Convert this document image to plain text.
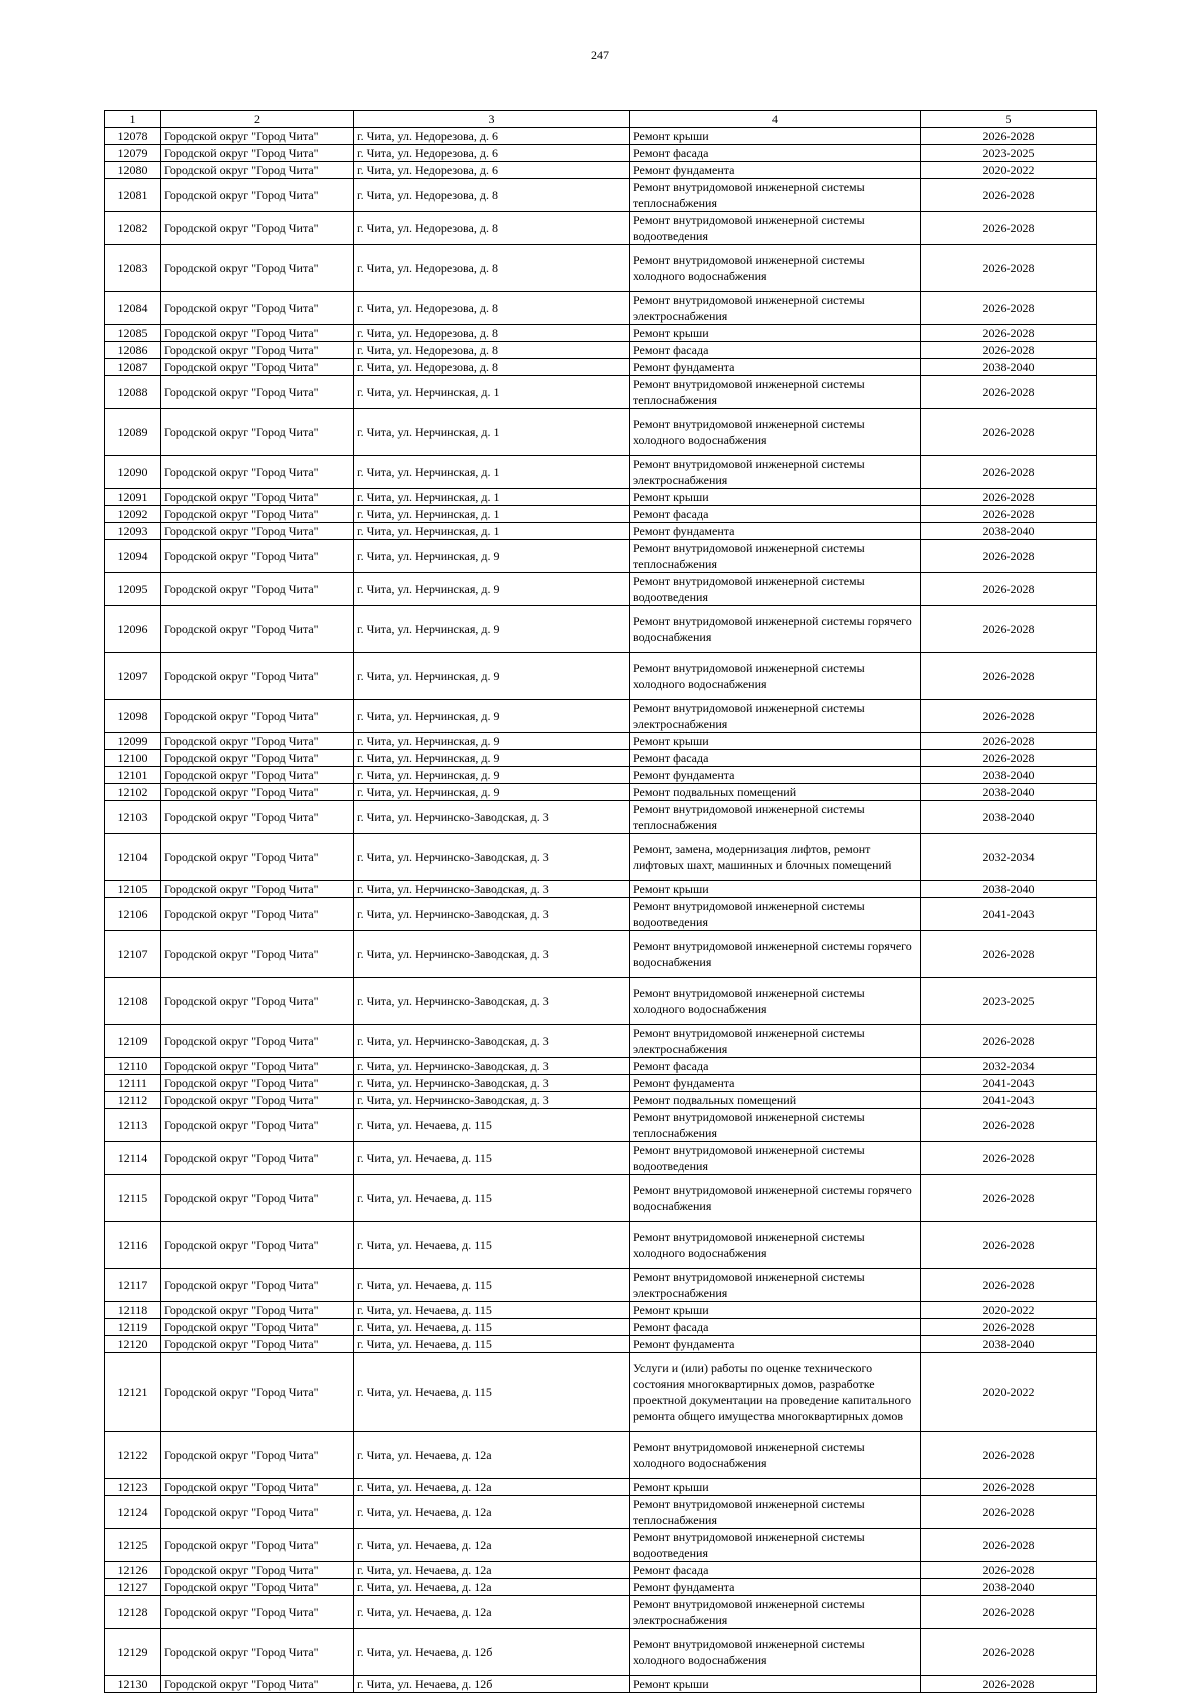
247
1	2	3	4	5
12078	Городской округ "Город Чита"	г. Чита, ул. Недорезова, д. 6	Ремонт крыши	2026-2028
12079	Городской округ "Город Чита"	г. Чита, ул. Недорезова, д. 6	Ремонт фасада	2023-2025
12080	Городской округ "Город Чита"	г. Чита, ул. Недорезова, д. 6	Ремонт фундамента	2020-2022
12081	Городской округ "Город Чита"	г. Чита, ул. Недорезова, д. 8	Ремонт внутридомовой инженерной системы теплоснабжения	2026-2028
12082	Городской округ "Город Чита"	г. Чита, ул. Недорезова, д. 8	Ремонт внутридомовой инженерной системы водоотведения	2026-2028
12083	Городской округ "Город Чита"	г. Чита, ул. Недорезова, д. 8	Ремонт внутридомовой инженерной системы холодного водоснабжения	2026-2028
12084	Городской округ "Город Чита"	г. Чита, ул. Недорезова, д. 8	Ремонт внутридомовой инженерной системы электроснабжения	2026-2028
12085	Городской округ "Город Чита"	г. Чита, ул. Недорезова, д. 8	Ремонт крыши	2026-2028
12086	Городской округ "Город Чита"	г. Чита, ул. Недорезова, д. 8	Ремонт фасада	2026-2028
12087	Городской округ "Город Чита"	г. Чита, ул. Недорезова, д. 8	Ремонт фундамента	2038-2040
12088	Городской округ "Город Чита"	г. Чита, ул. Нерчинская, д. 1	Ремонт внутридомовой инженерной системы теплоснабжения	2026-2028
12089	Городской округ "Город Чита"	г. Чита, ул. Нерчинская, д. 1	Ремонт внутридомовой инженерной системы холодного водоснабжения	2026-2028
12090	Городской округ "Город Чита"	г. Чита, ул. Нерчинская, д. 1	Ремонт внутридомовой инженерной системы электроснабжения	2026-2028
12091	Городской округ "Город Чита"	г. Чита, ул. Нерчинская, д. 1	Ремонт крыши	2026-2028
12092	Городской округ "Город Чита"	г. Чита, ул. Нерчинская, д. 1	Ремонт фасада	2026-2028
12093	Городской округ "Город Чита"	г. Чита, ул. Нерчинская, д. 1	Ремонт фундамента	2038-2040
12094	Городской округ "Город Чита"	г. Чита, ул. Нерчинская, д. 9	Ремонт внутридомовой инженерной системы теплоснабжения	2026-2028
12095	Городской округ "Город Чита"	г. Чита, ул. Нерчинская, д. 9	Ремонт внутридомовой инженерной системы водоотведения	2026-2028
12096	Городской округ "Город Чита"	г. Чита, ул. Нерчинская, д. 9	Ремонт внутридомовой инженерной системы горячего водоснабжения	2026-2028
12097	Городской округ "Город Чита"	г. Чита, ул. Нерчинская, д. 9	Ремонт внутридомовой инженерной системы холодного водоснабжения	2026-2028
12098	Городской округ "Город Чита"	г. Чита, ул. Нерчинская, д. 9	Ремонт внутридомовой инженерной системы электроснабжения	2026-2028
12099	Городской округ "Город Чита"	г. Чита, ул. Нерчинская, д. 9	Ремонт крыши	2026-2028
12100	Городской округ "Город Чита"	г. Чита, ул. Нерчинская, д. 9	Ремонт фасада	2026-2028
12101	Городской округ "Город Чита"	г. Чита, ул. Нерчинская, д. 9	Ремонт фундамента	2038-2040
12102	Городской округ "Город Чита"	г. Чита, ул. Нерчинская, д. 9	Ремонт подвальных помещений	2038-2040
12103	Городской округ "Город Чита"	г. Чита, ул. Нерчинско-Заводская, д. 3	Ремонт внутридомовой инженерной системы теплоснабжения	2038-2040
12104	Городской округ "Город Чита"	г. Чита, ул. Нерчинско-Заводская, д. 3	Ремонт, замена, модернизация лифтов, ремонт лифтовых шахт, машинных и блочных помещений	2032-2034
12105	Городской округ "Город Чита"	г. Чита, ул. Нерчинско-Заводская, д. 3	Ремонт крыши	2038-2040
12106	Городской округ "Город Чита"	г. Чита, ул. Нерчинско-Заводская, д. 3	Ремонт внутридомовой инженерной системы водоотведения	2041-2043
12107	Городской округ "Город Чита"	г. Чита, ул. Нерчинско-Заводская, д. 3	Ремонт внутридомовой инженерной системы горячего водоснабжения	2026-2028
12108	Городской округ "Город Чита"	г. Чита, ул. Нерчинско-Заводская, д. 3	Ремонт внутридомовой инженерной системы холодного водоснабжения	2023-2025
12109	Городской округ "Город Чита"	г. Чита, ул. Нерчинско-Заводская, д. 3	Ремонт внутридомовой инженерной системы электроснабжения	2026-2028
12110	Городской округ "Город Чита"	г. Чита, ул. Нерчинско-Заводская, д. 3	Ремонт фасада	2032-2034
12111	Городской округ "Город Чита"	г. Чита, ул. Нерчинско-Заводская, д. 3	Ремонт фундамента	2041-2043
12112	Городской округ "Город Чита"	г. Чита, ул. Нерчинско-Заводская, д. 3	Ремонт подвальных помещений	2041-2043
12113	Городской округ "Город Чита"	г. Чита, ул. Нечаева, д. 115	Ремонт внутридомовой инженерной системы теплоснабжения	2026-2028
12114	Городской округ "Город Чита"	г. Чита, ул. Нечаева, д. 115	Ремонт внутридомовой инженерной системы водоотведения	2026-2028
12115	Городской округ "Город Чита"	г. Чита, ул. Нечаева, д. 115	Ремонт внутридомовой инженерной системы горячего водоснабжения	2026-2028
12116	Городской округ "Город Чита"	г. Чита, ул. Нечаева, д. 115	Ремонт внутридомовой инженерной системы холодного водоснабжения	2026-2028
12117	Городской округ "Город Чита"	г. Чита, ул. Нечаева, д. 115	Ремонт внутридомовой инженерной системы электроснабжения	2026-2028
12118	Городской округ "Город Чита"	г. Чита, ул. Нечаева, д. 115	Ремонт крыши	2020-2022
12119	Городской округ "Город Чита"	г. Чита, ул. Нечаева, д. 115	Ремонт фасада	2026-2028
12120	Городской округ "Город Чита"	г. Чита, ул. Нечаева, д. 115	Ремонт фундамента	2038-2040
12121	Городской округ "Город Чита"	г. Чита, ул. Нечаева, д. 115	Услуги и (или) работы по оценке технического состояния многоквартирных домов, разработке проектной документации на проведение капитального ремонта общего имущества многоквартирных домов	2020-2022
12122	Городской округ "Город Чита"	г. Чита, ул. Нечаева, д. 12а	Ремонт внутридомовой инженерной системы холодного водоснабжения	2026-2028
12123	Городской округ "Город Чита"	г. Чита, ул. Нечаева, д. 12а	Ремонт крыши	2026-2028
12124	Городской округ "Город Чита"	г. Чита, ул. Нечаева, д. 12а	Ремонт внутридомовой инженерной системы теплоснабжения	2026-2028
12125	Городской округ "Город Чита"	г. Чита, ул. Нечаева, д. 12а	Ремонт внутридомовой инженерной системы водоотведения	2026-2028
12126	Городской округ "Город Чита"	г. Чита, ул. Нечаева, д. 12а	Ремонт фасада	2026-2028
12127	Городской округ "Город Чита"	г. Чита, ул. Нечаева, д. 12а	Ремонт фундамента	2038-2040
12128	Городской округ "Город Чита"	г. Чита, ул. Нечаева, д. 12а	Ремонт внутридомовой инженерной системы электроснабжения	2026-2028
12129	Городской округ "Город Чита"	г. Чита, ул. Нечаева, д. 12б	Ремонт внутридомовой инженерной системы холодного водоснабжения	2026-2028
12130	Городской округ "Город Чита"	г. Чита, ул. Нечаева, д. 12б	Ремонт крыши	2026-2028
